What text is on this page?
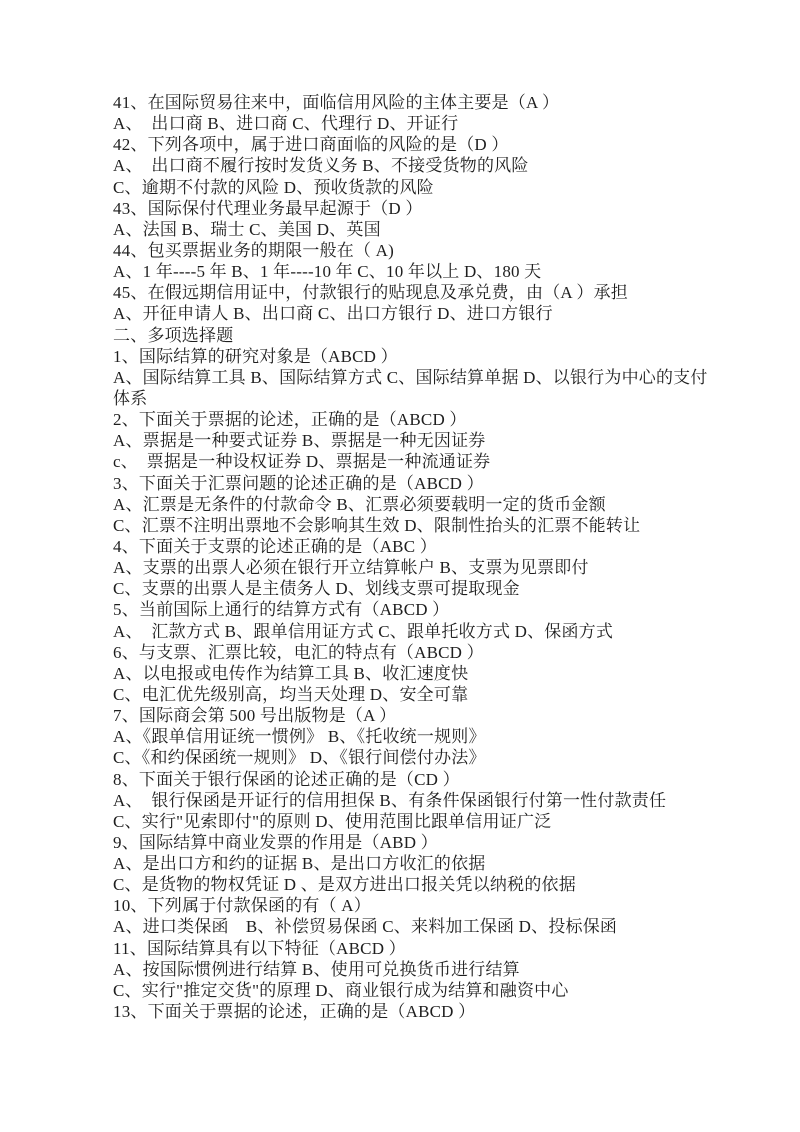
41、在国际贸易往来中，面临信用风险的主体主要是（A ）
A、　出口商 B、进口商 C、代理行 D、开证行
42、下列各项中，属于进口商面临的风险的是（D ）
A、　出口商不履行按时发货义务 B、不接受货物的风险
C、逾期不付款的风险 D、预收货款的风险
43、国际保付代理业务最早起源于（D ）
A、法国 B、瑞士 C、美国 D、英国
44、包买票据业务的期限一般在（ A)
A、1 年----5 年 B、1 年----10 年 C、10 年以上 D、180 天
45、在假远期信用证中，付款银行的贴现息及承兑费，由（A ）承担
A、开征申请人 B、出口商 C、出口方银行 D、进口方银行
二、多项选择题
1、国际结算的研究对象是（ABCD ）
A、国际结算工具 B、国际结算方式 C、国际结算单据 D、以银行为中心的支付
体系
2、下面关于票据的论述，正确的是（ABCD ）
A、票据是一种要式证券 B、票据是一种无因证券
c、　票据是一种设权证券 D、票据是一种流通证券
3、下面关于汇票问题的论述正确的是（ABCD ）
A、汇票是无条件的付款命令 B、汇票必须要载明一定的货币金额
C、汇票不注明出票地不会影响其生效 D、限制性抬头的汇票不能转让
4、下面关于支票的论述正确的是（ABC ）
A、支票的出票人必须在银行开立结算帐户 B、支票为见票即付
C、支票的出票人是主债务人 D、划线支票可提取现金
5、当前国际上通行的结算方式有（ABCD ）
A、　汇款方式 B、跟单信用证方式 C、跟单托收方式 D、保函方式
6、与支票、汇票比较，电汇的特点有（ABCD ）
A、以电报或电传作为结算工具 B、收汇速度快
C、电汇优先级别高，均当天处理 D、安全可靠
7、国际商会第 500 号出版物是（A ）
A、《跟单信用证统一惯例》 B、《托收统一规则》
C、《和约保函统一规则》 D、《银行间偿付办法》
8、下面关于银行保函的论述正确的是（CD ）
A、　银行保函是开证行的信用担保 B、有条件保函银行付第一性付款责任
C、实行"见索即付"的原则 D、使用范围比跟单信用证广泛
9、国际结算中商业发票的作用是（ABD ）
A、是出口方和约的证据 B、是出口方收汇的依据
C、是货物的物权凭证 D 、是双方进出口报关凭以纳税的依据
10、下列属于付款保函的有（ A）
A、进口类保函　B、补偿贸易保函 C、来料加工保函 D、投标保函
11、国际结算具有以下特征（ABCD ）
A、按国际惯例进行结算 B、使用可兑换货币进行结算
C、实行"推定交货"的原理 D、商业银行成为结算和融资中心
13、下面关于票据的论述，正确的是（ABCD ）
